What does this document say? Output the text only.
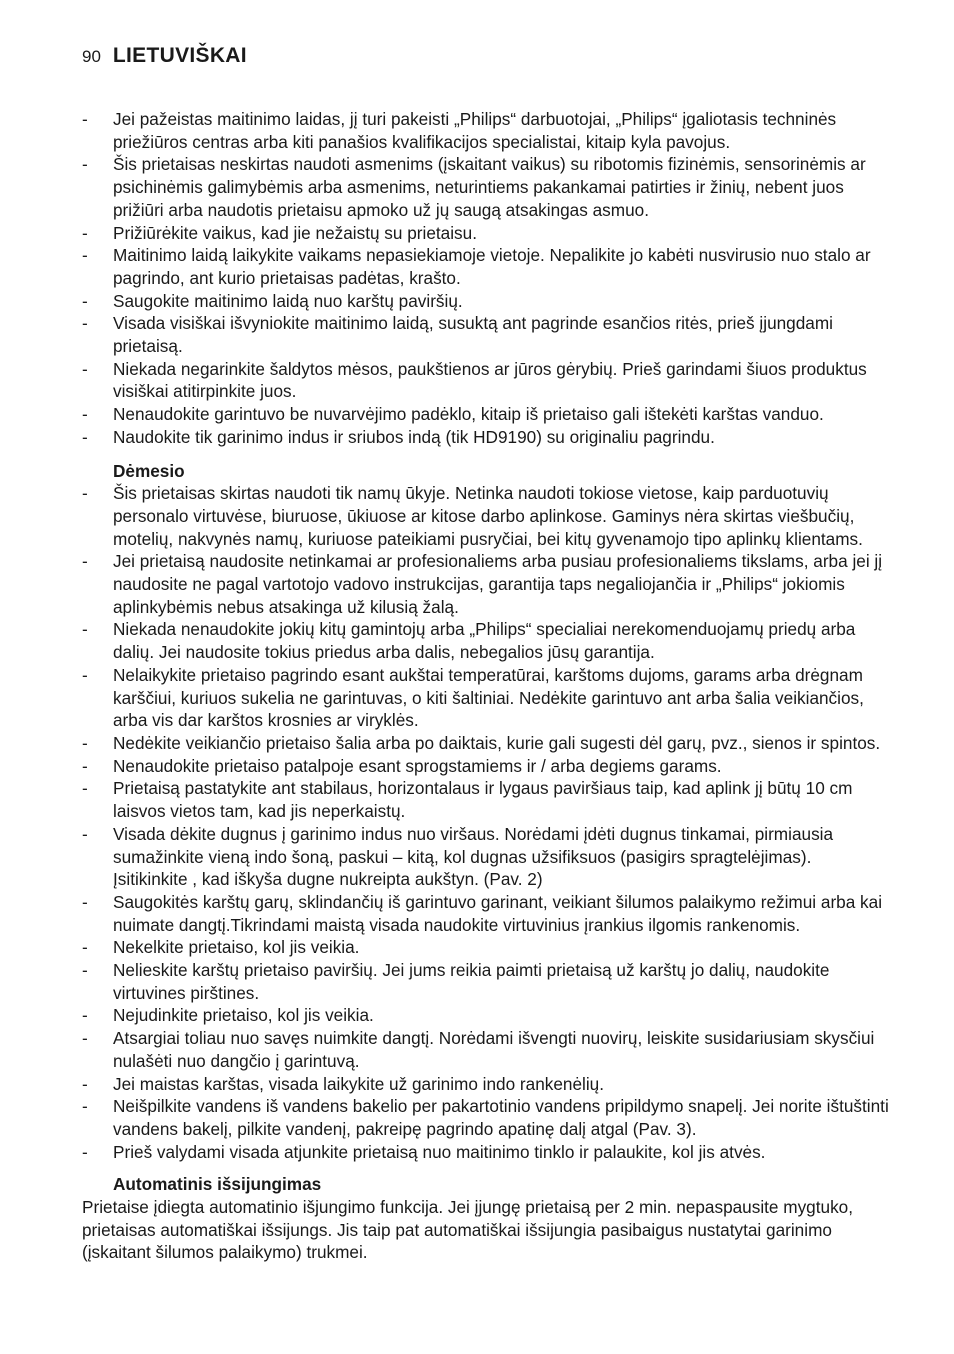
90 LIETUVIŠKAI
- Jei pažeistas maitinimo laidas, jį turi pakeisti „Philips“ darbuotojai, „Philips“ įgaliotasis techninės priežiūros centras arba kiti panašios kvalifikacijos specialistai, kitaip kyla pavojus.
- Šis prietaisas neskirtas naudoti asmenims (įskaitant vaikus) su ribotomis fizinėmis, sensorinėmis ar psichinėmis galimybėmis arba asmenims, neturintiems pakankamai patirties ir žinių, nebent juos prižiūri arba naudotis prietaisu apmoko už jų saugą atsakingas asmuo.
- Prižiūrėkite vaikus, kad jie nežaistų su prietaisu.
- Maitinimo laidą laikykite vaikams nepasiekiamoje vietoje. Nepalikite jo kabėti nusvirusio nuo stalo ar pagrindo, ant kurio prietaisas padėtas, krašto.
- Saugokite maitinimo laidą nuo karštų paviršių.
- Visada visiškai išvyniokite maitinimo laidą, susuktą ant pagrinde esančios ritės, prieš įjungdami prietaisą.
- Niekada negarinkite šaldytos mėsos, paukštienos ar jūros gėrybių. Prieš garindami šiuos produktus visiškai atitirpinkite juos.
- Nenaudokite garintuvo be nuvarvėjimo padėklo, kitaip iš prietaiso gali ištekėti karštas vanduo.
- Naudokite tik garinimo indus ir sriubos indą (tik HD9190) su originaliu pagrindu.
Dėmesio
- Šis prietaisas skirtas naudoti tik namų ūkyje. Netinka naudoti tokiose vietose, kaip parduotuvių personalo virtuvėse, biuruose, ūkiuose ar kitose darbo aplinkose. Gaminys nėra skirtas viešbučių, motelių, nakvynės namų, kuriuose pateikiami pusryčiai, bei kitų gyvenamojo tipo aplinkų klientams.
- Jei prietaisą naudosite netinkamai ar profesionaliems arba pusiau profesionaliems tikslams, arba jei jį naudosite ne pagal vartotojo vadovo instrukcijas, garantija taps negaliojančia ir „Philips“ jokiomis aplinkybėmis nebus atsakinga už kilusią žalą.
- Niekada nenaudokite jokių kitų gamintojų arba „Philips“ specialiai nerekomenduojamų priedų arba dalių. Jei naudosite tokius priedus arba dalis, nebegalios jūsų garantija.
- Nelaikykite prietaiso pagrindo esant aukštai temperatūrai, karštoms dujoms, garams arba drėgnam karščiui, kuriuos sukelia ne garintuvas, o kiti šaltiniai. Nedėkite garintuvo ant arba šalia veikiančios, arba vis dar karštos krosnies ar viryklės.
- Nedėkite veikiančio prietaiso šalia arba po daiktais, kurie gali sugesti dėl garų, pvz., sienos ir spintos.
- Nenaudokite prietaiso patalpoje esant sprogstamiems ir / arba degiems garams.
- Prietaisą pastatykite ant stabilaus, horizontalaus ir lygaus paviršiaus taip, kad aplink jį būtų 10 cm laisvos vietos tam, kad jis neperkaistų.
- Visada dėkite dugnus į garinimo indus nuo viršaus. Norėdami įdėti dugnus tinkamai, pirmiausia sumažinkite vieną indo šoną, paskui – kitą, kol dugnas užsifiksuos (pasigirs spragtelėjimas). Įsitikinkite , kad iškyša dugne nukreipta aukštyn. (Pav. 2)
- Saugokitės karštų garų, sklindančių iš garintuvo garinant, veikiant šilumos palaikymo režimui arba kai nuimate dangtį.Tikrindami maistą visada naudokite virtuvinius įrankius ilgomis rankenomis.
- Nekelkite prietaiso, kol jis veikia.
- Nelieskite karštų prietaiso paviršių. Jei jums reikia paimti prietaisą už karštų jo dalių, naudokite virtuvines pirštines.
- Nejudinkite prietaiso, kol jis veikia.
- Atsargiai toliau nuo savęs nuimkite dangtį. Norėdami išvengti nuovirų, leiskite susidariusiam skysčiui nulašėti nuo dangčio į garintuvą.
- Jei maistas karštas, visada laikykite už garinimo indo rankenėlių.
- Neišpilkite vandens iš vandens bakelio per pakartotinio vandens pripildymo snapelį. Jei norite ištuštinti vandens bakelį, pilkite vandenį, pakreipę pagrindo apatinę dalį atgal (Pav. 3).
- Prieš valydami visada atjunkite prietaisą nuo maitinimo tinklo ir palaukite, kol jis atvės.
Automatinis išsijungimas

Prietaise įdiegta automatinio išjungimo funkcija. Jei įjungę prietaisą per 2 min. nepaspausite mygtuko, prietaisas automatiškai išsijungs. Jis taip pat automatiškai išsijungia pasibaigus nustatytai garinimo (įskaitant šilumos palaikymo) trukmei.
